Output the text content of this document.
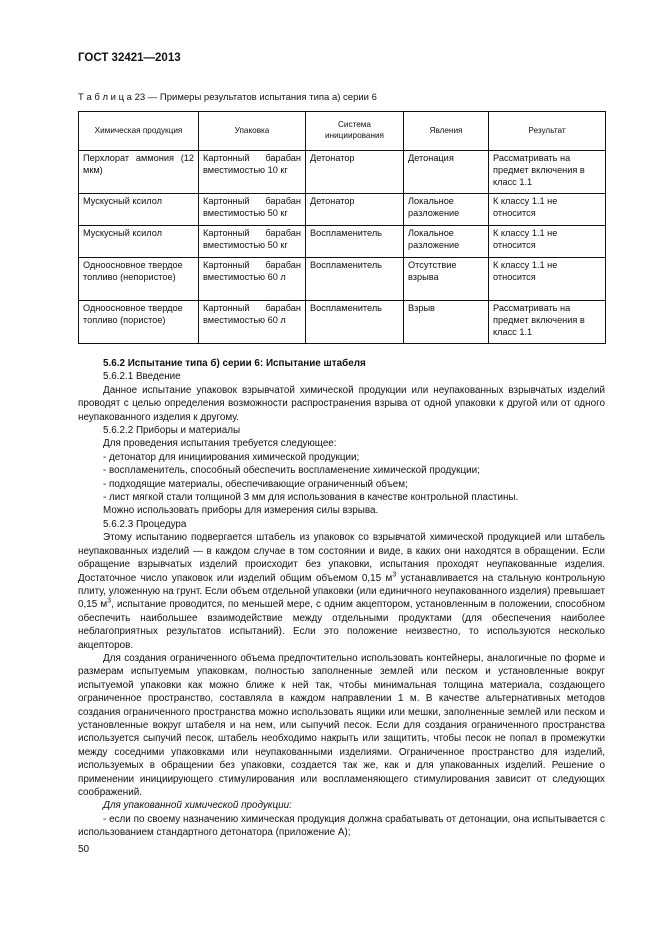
ГОСТ 32421—2013
Т а б л и ц а 23 — Примеры результатов испытания типа а) серии 6
Химическая продукция	Упаковка	Система инициирования	Явления	Результат
Перхлорат аммония (12 мкм)	Картонный барабан вместимостью 10 кг	Детонатор	Детонация	Рассматривать на предмет включения в класс 1.1
Мускусный ксилол	Картонный барабан вместимостью 50 кг	Детонатор	Локальное разложение	К классу 1.1 не относится
Мускусный ксилол	Картонный барабан вместимостью 50 кг	Воспламенитель	Локальное разложение	К классу 1.1 не относится
Одноосновное твердое топливо (непористое)	Картонный барабан вместимостью 60 л	Воспламенитель	Отсутствие взрыва	К классу 1.1 не относится
Одноосновное твердое топливо (пористое)	Картонный барабан вместимостью 60 л	Воспламенитель	Взрыв	Рассматривать на предмет включения в класс 1.1

5.6.2 Испытание типа б) серии 6: Испытание штабеля

5.6.2.1 Введение

Данное испытание упаковок взрывчатой химической продукции или неупакованных взрывчатых изделий проводят с целью определения возможности распространения взрыва от одной упаковки к другой или от одного неупакованного изделия к другому.

5.6.2.2 Приборы и материалы

Для проведения испытания требуется следующее:

- детонатор для инициирования химической продукции;

- воспламенитель, способный обеспечить воспламенение химической продукции;

- подходящие материалы, обеспечивающие ограниченный объем;

- лист мягкой стали толщиной 3 мм для использования в качестве контрольной пластины.

Можно использовать приборы для измерения силы взрыва.

5.6.2.3 Процедура

Этому испытанию подвергается штабель из упаковок со взрывчатой химической продукцией или штабель неупакованных изделий — в каждом случае в том состоянии и виде, в каких они находятся в обращении. Если обращение взрывчатых изделий происходит без упаковки, испытания проходят неупакованные изделия. Достаточное число упаковок или изделий общим объемом 0,15 $м^3$ устанавливается на стальную контрольную плиту, уложенную на грунт. Если объем отдельной упаковки (или единичного неупакованного изделия) превышает 0,15 $м^3$, испытание проводится, по меньшей мере, с одним акцептором, установленным в положении, способном обеспечить наибольшее взаимодействие между отдельными продуктами (для обеспечения наиболее неблагоприятных результатов испытаний). Если это положение неизвестно, то используются несколько акцепторов.

Для создания ограниченного объема предпочтительно использовать контейнеры, аналогичные по форме и размерам испытуемым упаковкам, полностью заполненные землей или песком и установленные вокруг испытуемой упаковки как можно ближе к ней так, чтобы минимальная толщина материала, создающего ограниченное пространство, составляла в каждом направлении 1 м. В качестве альтернативных методов создания ограниченного пространства можно использовать ящики или мешки, заполненные землей или песком и установленные вокруг штабеля и на нем, или сыпучий песок. Если для создания ограниченного пространства используется сыпучий песок, штабель необходимо накрыть или защитить, чтобы песок не попал в промежутки между соседними упаковками или неупакованными изделиями. Ограниченное пространство для изделий, используемых в обращении без упаковки, создается так же, как и для упакованных изделий. Решение о применении инициирующего стимулирования или воспламеняющего стимулирования зависит от следующих соображений.

Для упакованной химической продукции:

- если по своему назначению химическая продукция должна срабатывать от детонации, она испытывается с использованием стандартного детонатора (приложение А);

50
